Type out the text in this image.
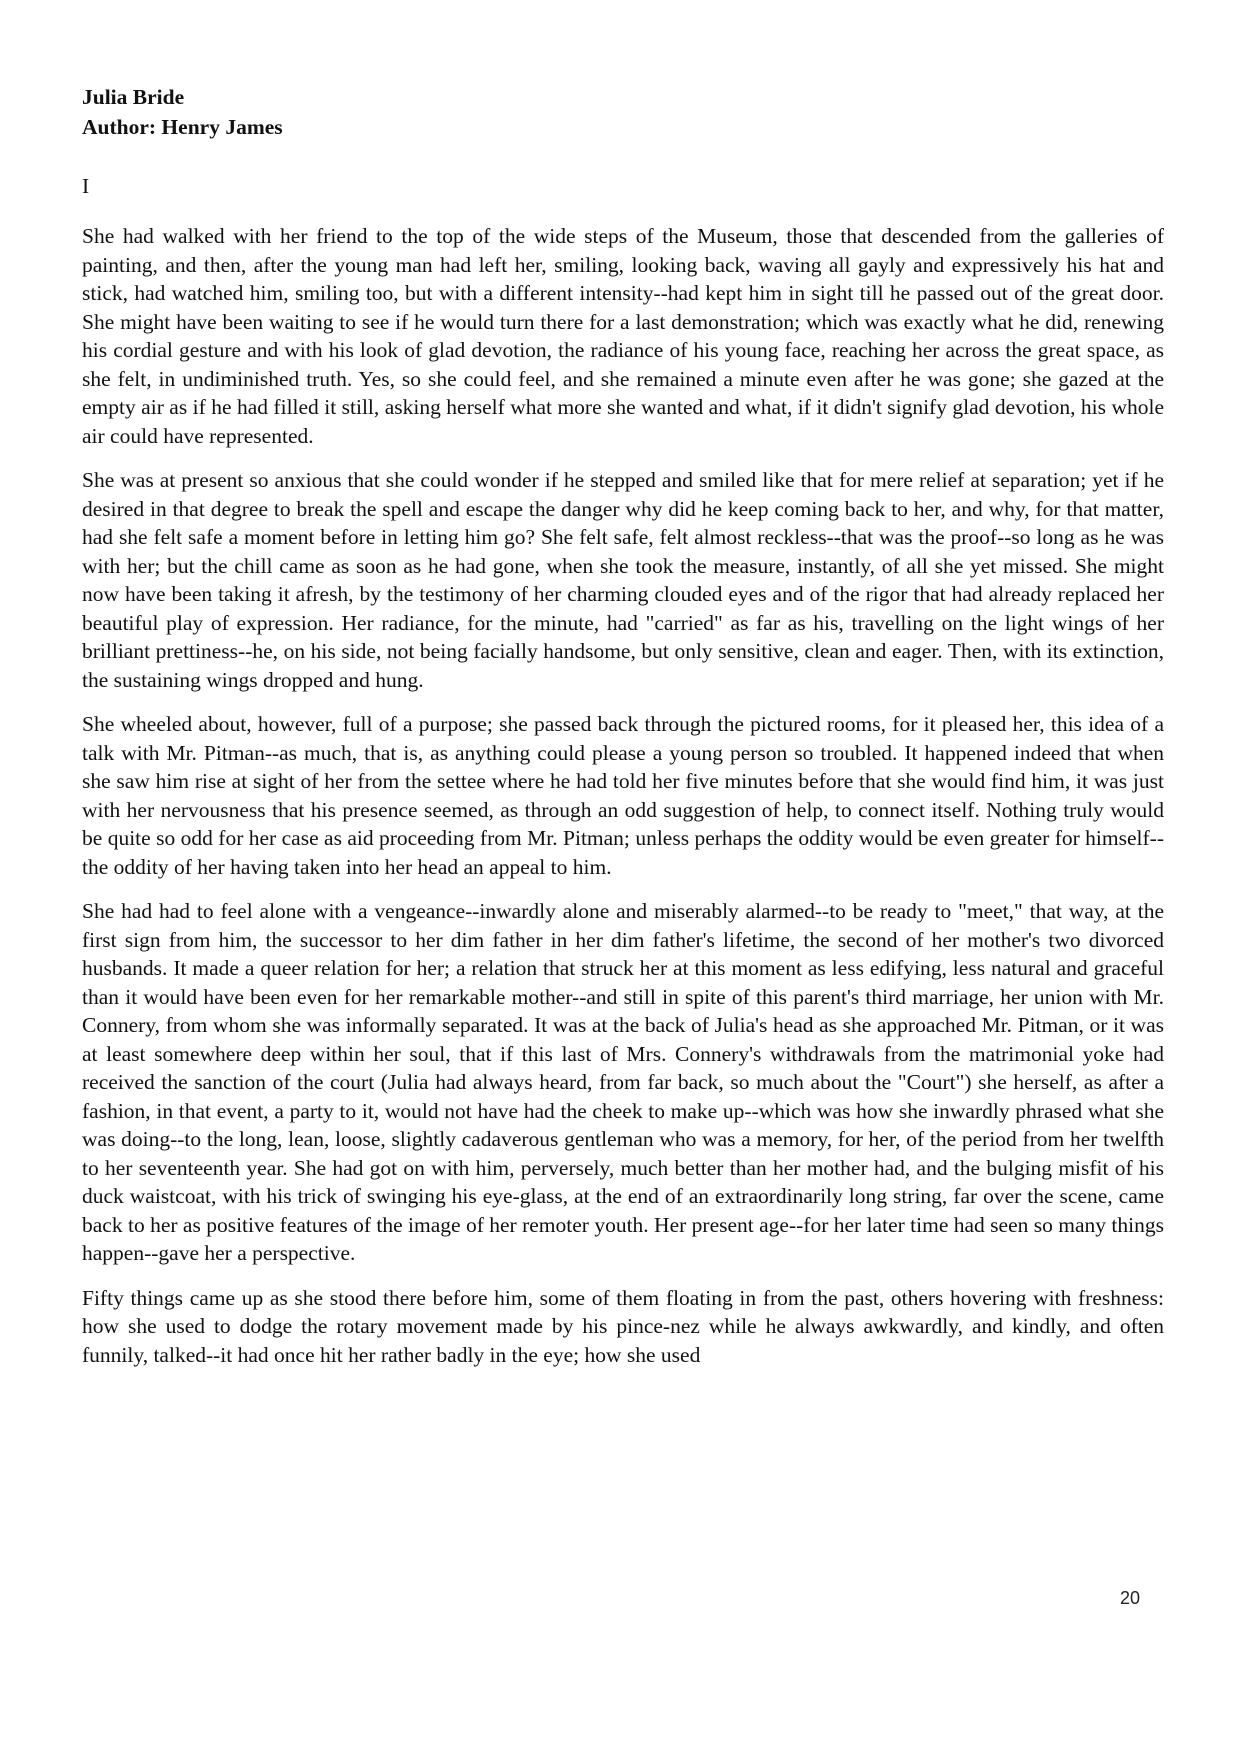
Julia Bride
Author: Henry James
I

She had walked with her friend to the top of the wide steps of the Museum, those that descended from the galleries of painting, and then, after the young man had left her, smiling, looking back, waving all gayly and expressively his hat and stick, had watched him, smiling too, but with a different intensity--had kept him in sight till he passed out of the great door. She might have been waiting to see if he would turn there for a last demonstration; which was exactly what he did, renewing his cordial gesture and with his look of glad devotion, the radiance of his young face, reaching her across the great space, as she felt, in undiminished truth. Yes, so she could feel, and she remained a minute even after he was gone; she gazed at the empty air as if he had filled it still, asking herself what more she wanted and what, if it didn't signify glad devotion, his whole air could have represented.

She was at present so anxious that she could wonder if he stepped and smiled like that for mere relief at separation; yet if he desired in that degree to break the spell and escape the danger why did he keep coming back to her, and why, for that matter, had she felt safe a moment before in letting him go? She felt safe, felt almost reckless--that was the proof--so long as he was with her; but the chill came as soon as he had gone, when she took the measure, instantly, of all she yet missed. She might now have been taking it afresh, by the testimony of her charming clouded eyes and of the rigor that had already replaced her beautiful play of expression. Her radiance, for the minute, had "carried" as far as his, travelling on the light wings of her brilliant prettiness--he, on his side, not being facially handsome, but only sensitive, clean and eager. Then, with its extinction, the sustaining wings dropped and hung.

She wheeled about, however, full of a purpose; she passed back through the pictured rooms, for it pleased her, this idea of a talk with Mr. Pitman--as much, that is, as anything could please a young person so troubled. It happened indeed that when she saw him rise at sight of her from the settee where he had told her five minutes before that she would find him, it was just with her nervousness that his presence seemed, as through an odd suggestion of help, to connect itself. Nothing truly would be quite so odd for her case as aid proceeding from Mr. Pitman; unless perhaps the oddity would be even greater for himself--the oddity of her having taken into her head an appeal to him.

She had had to feel alone with a vengeance--inwardly alone and miserably alarmed--to be ready to "meet," that way, at the first sign from him, the successor to her dim father in her dim father's lifetime, the second of her mother's two divorced husbands. It made a queer relation for her; a relation that struck her at this moment as less edifying, less natural and graceful than it would have been even for her remarkable mother--and still in spite of this parent's third marriage, her union with Mr. Connery, from whom she was informally separated. It was at the back of Julia's head as she approached Mr. Pitman, or it was at least somewhere deep within her soul, that if this last of Mrs. Connery's withdrawals from the matrimonial yoke had received the sanction of the court (Julia had always heard, from far back, so much about the "Court") she herself, as after a fashion, in that event, a party to it, would not have had the cheek to make up--which was how she inwardly phrased what she was doing--to the long, lean, loose, slightly cadaverous gentleman who was a memory, for her, of the period from her twelfth to her seventeenth year. She had got on with him, perversely, much better than her mother had, and the bulging misfit of his duck waistcoat, with his trick of swinging his eye-glass, at the end of an extraordinarily long string, far over the scene, came back to her as positive features of the image of her remoter youth. Her present age--for her later time had seen so many things happen--gave her a perspective.

Fifty things came up as she stood there before him, some of them floating in from the past, others hovering with freshness: how she used to dodge the rotary movement made by his pince-nez while he always awkwardly, and kindly, and often funnily, talked--it had once hit her rather badly in the eye; how she used

20
